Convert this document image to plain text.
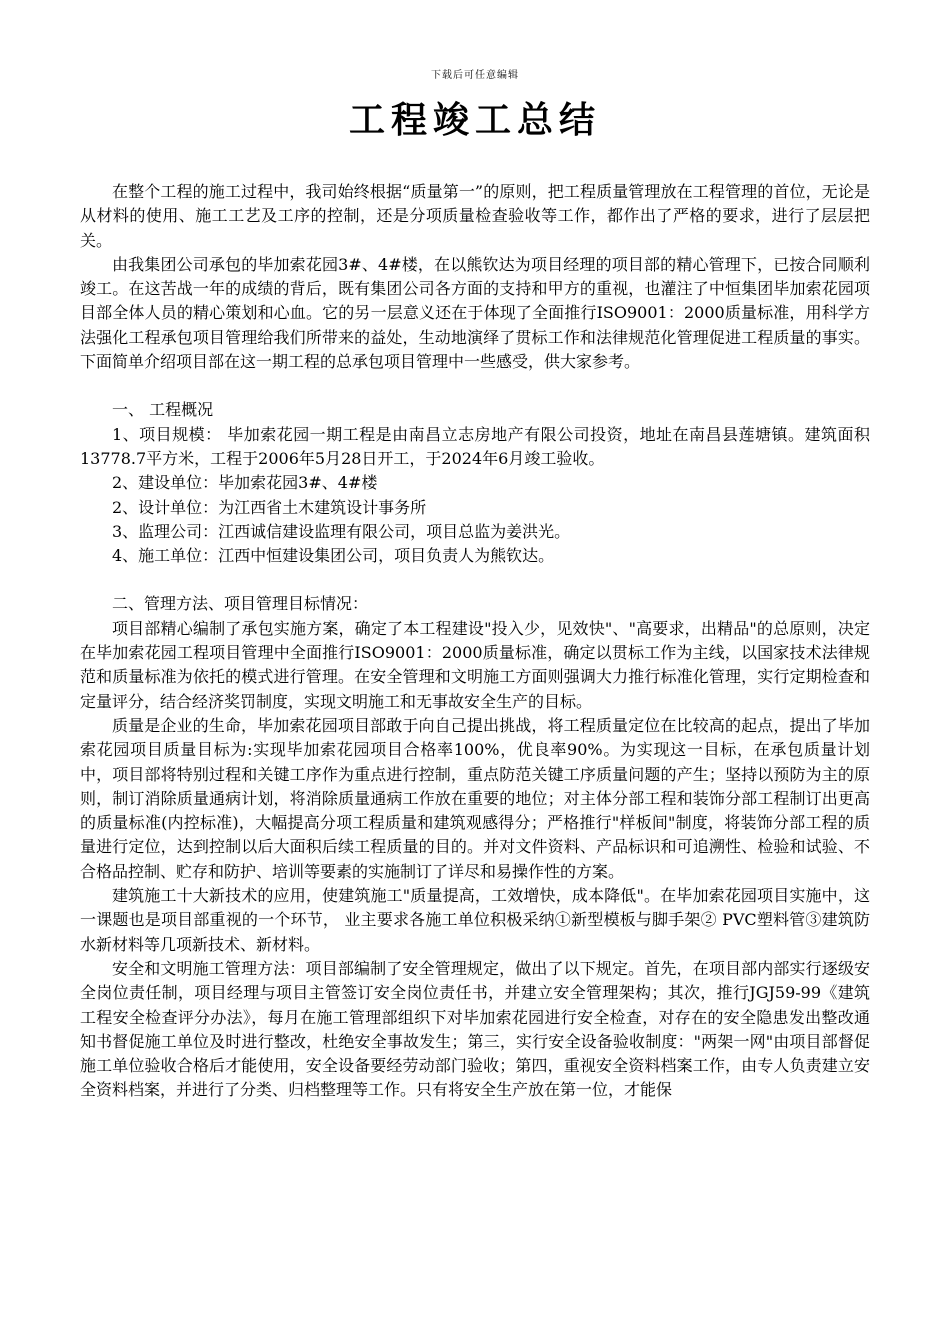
下载后可任意编辑
工程竣工总结

在整个工程的施工过程中，我司始终根据“质量第一”的原则，把工程质量管理放在工程管理的首位，无论是从材料的使用、施工工艺及工序的控制，还是分项质量检查验收等工作，都作出了严格的要求，进行了层层把关。

由我集团公司承包的毕加索花园3#、4#楼，在以熊钦达为项目经理的项目部的精心管理下，已按合同顺利竣工。在这苦战一年的成绩的背后，既有集团公司各方面的支持和甲方的重视，也灌注了中恒集团毕加索花园项目部全体人员的精心策划和心血。它的另一层意义还在于体现了全面推行ISO9001：2000质量标准，用科学方法强化工程承包项目管理给我们所带来的益处，生动地演绎了贯标工作和法律规范化管理促进工程质量的事实。下面简单介绍项目部在这一期工程的总承包项目管理中一些感受，供大家参考。

一、 工程概况

1、项目规模： 毕加索花园一期工程是由南昌立志房地产有限公司投资，地址在南昌县莲塘镇。建筑面积13778.7平方米，工程于2006年5月28日开工，于2024年6月竣工验收。

2、建设单位：毕加索花园3#、4#楼

2、设计单位：为江西省土木建筑设计事务所

3、监理公司：江西诚信建设监理有限公司，项目总监为姜洪光。

4、施工单位：江西中恒建设集团公司，项目负责人为熊钦达。

二、管理方法、项目管理目标情况：

项目部精心编制了承包实施方案，确定了本工程建设"投入少，见效快"、"高要求，出精品"的总原则，决定在毕加索花园工程项目管理中全面推行ISO9001：2000质量标准，确定以贯标工作为主线，以国家技术法律规范和质量标准为依托的模式进行管理。在安全管理和文明施工方面则强调大力推行标准化管理，实行定期检查和定量评分，结合经济奖罚制度，实现文明施工和无事故安全生产的目标。

质量是企业的生命，毕加索花园项目部敢于向自己提出挑战，将工程质量定位在比较高的起点，提出了毕加索花园项目质量目标为:实现毕加索花园项目合格率100%，优良率90%。为实现这一目标，在承包质量计划中，项目部将特别过程和关键工序作为重点进行控制，重点防范关键工序质量问题的产生；坚持以预防为主的原则，制订消除质量通病计划，将消除质量通病工作放在重要的地位；对主体分部工程和装饰分部工程制订出更高的质量标准(内控标准)，大幅提高分项工程质量和建筑观感得分；严格推行"样板间"制度，将装饰分部工程的质量进行定位，达到控制以后大面积后续工程质量的目的。并对文件资料、产品标识和可追溯性、检验和试验、不合格品控制、贮存和防护、培训等要素的实施制订了详尽和易操作性的方案。

建筑施工十大新技术的应用，使建筑施工"质量提高，工效增快，成本降低"。在毕加索花园项目实施中，这一课题也是项目部重视的一个环节， 业主要求各施工单位积极采纳①新型模板与脚手架② PVC塑料管③建筑防水新材料等几项新技术、新材料。

安全和文明施工管理方法：项目部编制了安全管理规定，做出了以下规定。首先，在项目部内部实行逐级安全岗位责任制，项目经理与项目主管签订安全岗位责任书，并建立安全管理架构；其次，推行JGJ59-99《建筑工程安全检查评分办法》，每月在施工管理部组织下对毕加索花园进行安全检查，对存在的安全隐患发出整改通知书督促施工单位及时进行整改，杜绝安全事故发生；第三，实行安全设备验收制度："两架一网"由项目部督促施工单位验收合格后才能使用，安全设备要经劳动部门验收；第四，重视安全资料档案工作，由专人负责建立安全资料档案，并进行了分类、归档整理等工作。只有将安全生产放在第一位，才能保
